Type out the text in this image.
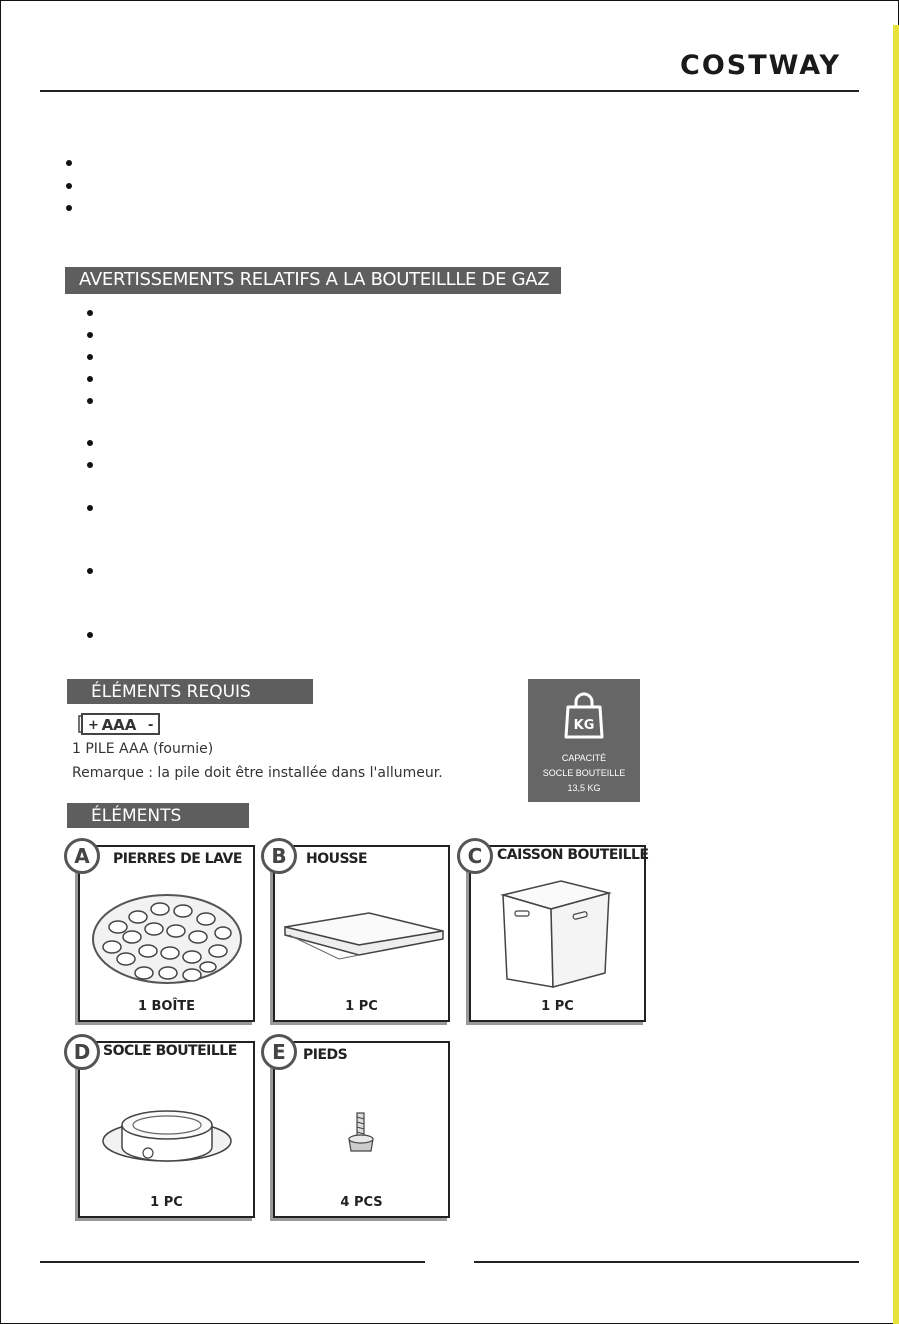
COSTWAY
AVERTISSEMENTS RELATIFS A LA BOUTEILLLE DE GAZ
ÉLÉMENTS REQUIS
+	-
AAA
1 PILE AAA (fournie)
Remarque : la pile doit être installée dans l'allumeur.
KG
CAPACITÉ
SOCLE BOUTEILLE
13,5 KG
ÉLÉMENTS
1 BOÎTE
A	PIERRES DE LAVE
1 PC
B	HOUSSE
1 PC
C	CAISSON BOUTEILLE
1 PC
D SOCLE BOUTEILLE
4 PCS
E	PIEDS
